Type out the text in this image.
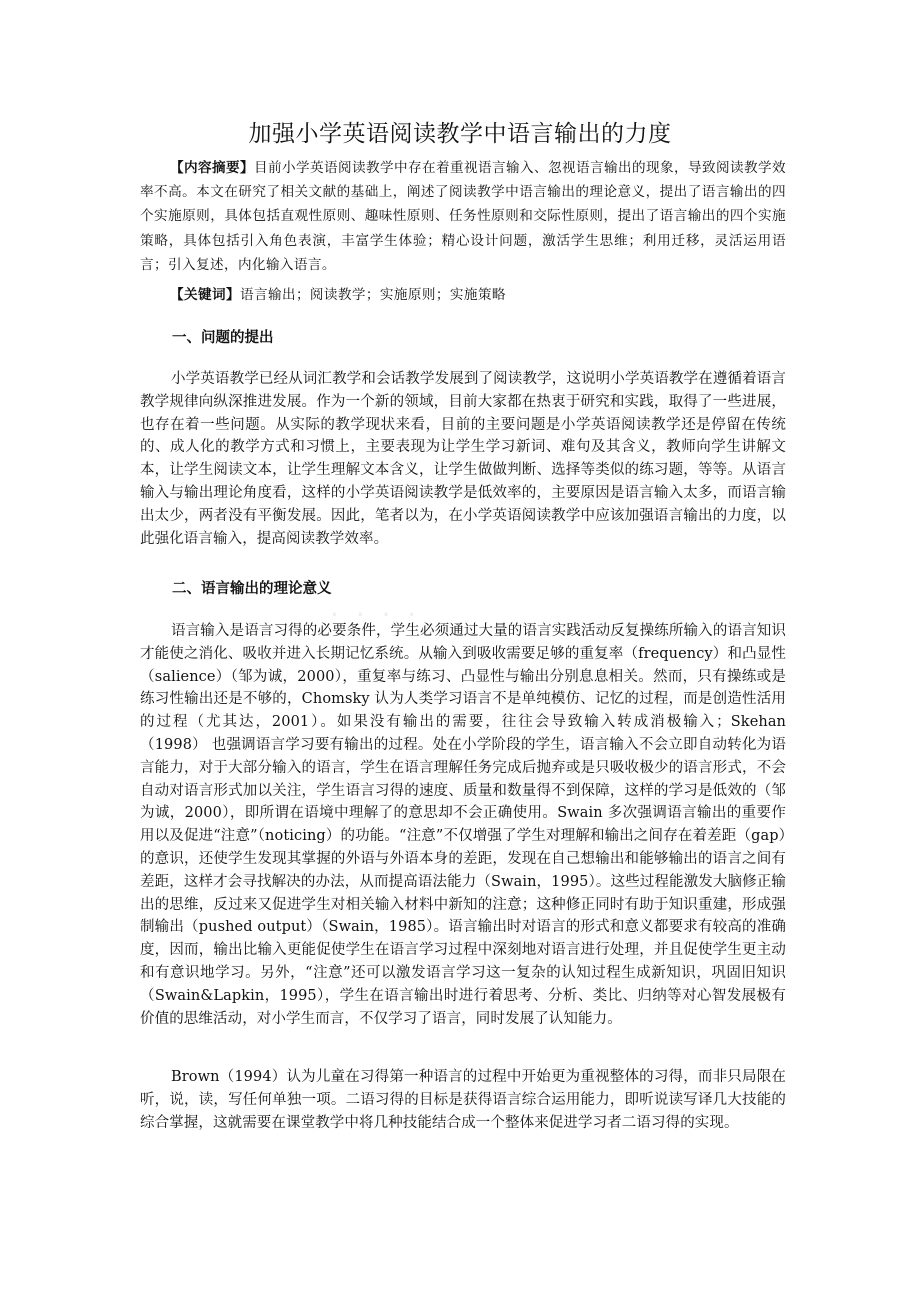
加强小学英语阅读教学中语言输出的力度
【内容摘要】目前小学英语阅读教学中存在着重视语言输入、忽视语言输出的现象，导致阅读教学效率不高。本文在研究了相关文献的基础上，阐述了阅读教学中语言输出的理论意义，提出了语言输出的四个实施原则，具体包括直观性原则、趣味性原则、任务性原则和交际性原则，提出了语言输出的四个实施策略，具体包括引入角色表演，丰富学生体验；精心设计问题，激活学生思维；利用迁移，灵活运用语言；引入复述，内化输入语言。
【关键词】语言输出；阅读教学；实施原则；实施策略
一、问题的提出
小学英语教学已经从词汇教学和会话教学发展到了阅读教学，这说明小学英语教学在遵循着语言教学规律向纵深推进发展。作为一个新的领域，目前大家都在热衷于研究和实践，取得了一些进展，也存在着一些问题。从实际的教学现状来看，目前的主要问题是小学英语阅读教学还是停留在传统的、成人化的教学方式和习惯上，主要表现为让学生学习新词、难句及其含义，教师向学生讲解文本，让学生阅读文本，让学生理解文本含义，让学生做做判断、选择等类似的练习题，等等。从语言输入与输出理论角度看，这样的小学英语阅读教学是低效率的，主要原因是语言输入太多，而语言输出太少，两者没有平衡发展。因此，笔者以为，在小学英语阅读教学中应该加强语言输出的力度，以此强化语言输入，提高阅读教学效率。
二、语言输出的理论意义
· · · ·
语言输入是语言习得的必要条件，学生必须通过大量的语言实践活动反复操练所输入的语言知识才能使之消化、吸收并进入长期记忆系统。从输入到吸收需要足够的重复率（frequency）和凸显性（salience）（邹为诚，2000），重复率与练习、凸显性与输出分别息息相关。然而，只有操练或是练习性输出还是不够的，Chomsky 认为人类学习语言不是单纯模仿、记忆的过程，而是创造性活用的过程（尤其达，2001）。如果没有输出的需要，往往会导致输入转成消极输入；Skehan（1998） 也强调语言学习要有输出的过程。处在小学阶段的学生，语言输入不会立即自动转化为语言能力，对于大部分输入的语言，学生在语言理解任务完成后抛弃或是只吸收极少的语言形式，不会自动对语言形式加以关注，学生语言习得的速度、质量和数量得不到保障，这样的学习是低效的（邹为诚，2000），即所谓在语境中理解了的意思却不会正确使用。Swain 多次强调语言输出的重要作用以及促进“注意”（noticing）的功能。“注意”不仅增强了学生对理解和输出之间存在着差距（gap）的意识，还使学生发现其掌握的外语与外语本身的差距，发现在自己想输出和能够输出的语言之间有差距，这样才会寻找解决的办法，从而提高语法能力（Swain，1995）。这些过程能激发大脑修正输出的思维，反过来又促进学生对相关输入材料中新知的注意；这种修正同时有助于知识重建，形成强制输出（pushed output）（Swain，1985）。语言输出时对语言的形式和意义都要求有较高的准确度，因而，输出比输入更能促使学生在语言学习过程中深刻地对语言进行处理，并且促使学生更主动和有意识地学习。另外，“注意”还可以激发语言学习这一复杂的认知过程生成新知识，巩固旧知识（Swain&Lapkin，1995），学生在语言输出时进行着思考、分析、类比、归纳等对心智发展极有价值的思维活动，对小学生而言，不仅学习了语言，同时发展了认知能力。
Brown（1994）认为儿童在习得第一种语言的过程中开始更为重视整体的习得，而非只局限在听，说，读，写任何单独一项。二语习得的目标是获得语言综合运用能力，即听说读写译几大技能的综合掌握，这就需要在课堂教学中将几种技能结合成一个整体来促进学习者二语习得的实现。
